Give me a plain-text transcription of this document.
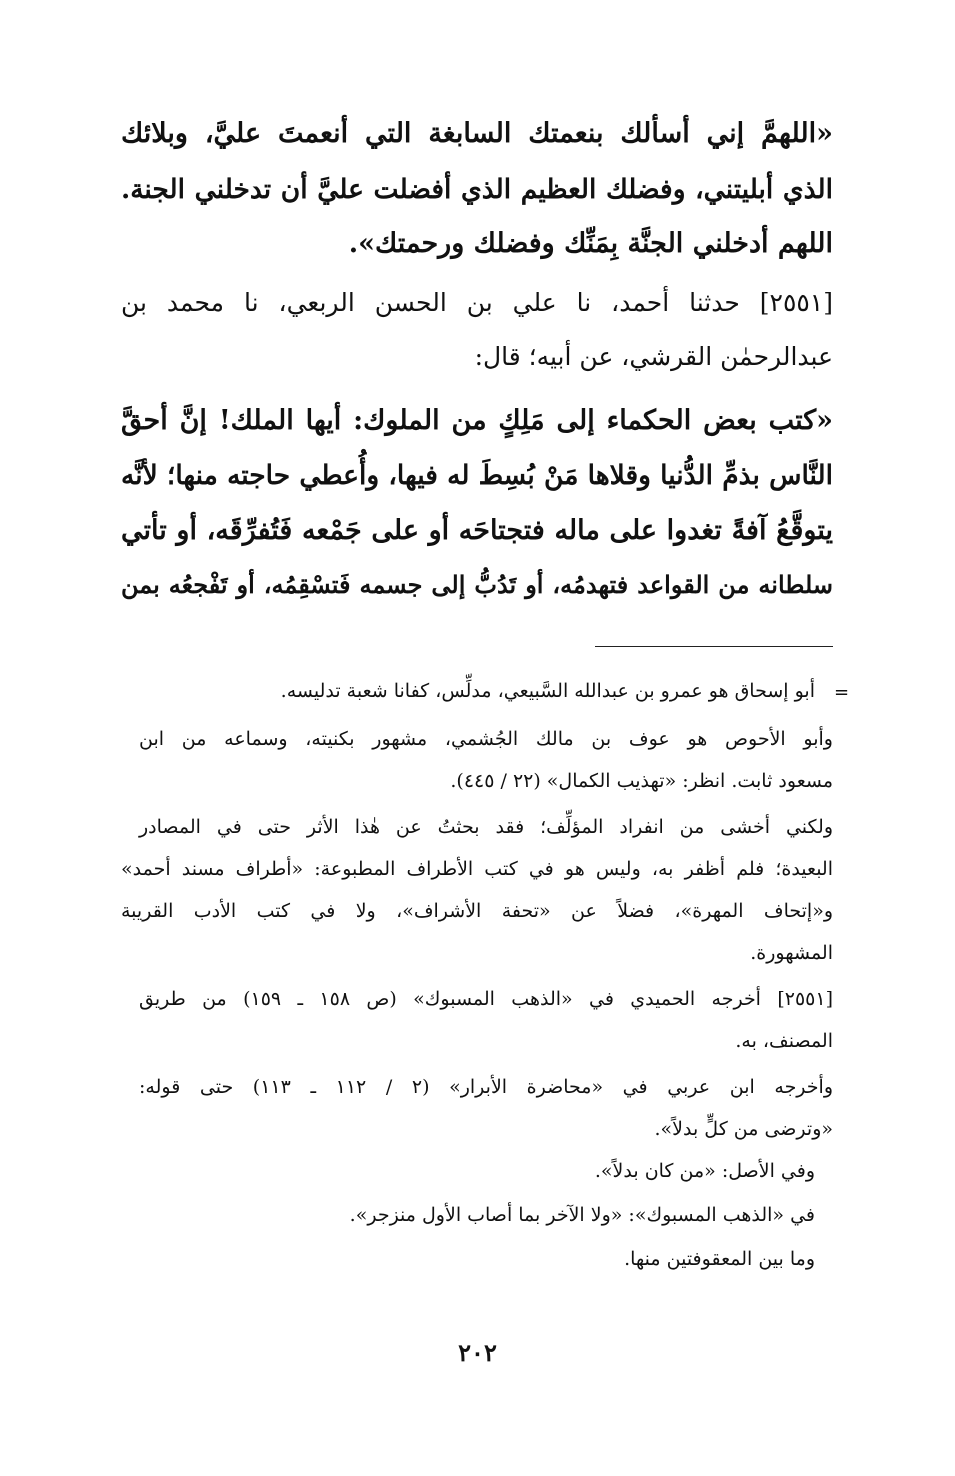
«اللهمَّ إني أسألك بنعمتك السابغة التي أنعمتَ عليَّ، وبلائك
الذي أبليتني، وفضلك العظيم الذي أفضلت عليَّ أن تدخلني الجنة.
اللهم أدخلني الجنَّة بِمَنِّك وفضلك ورحمتك».
[٢٥٥١] حدثنا أحمد، نا علي بن الحسن الربعي، نا محمد بن
عبدالرحمٰن القرشي، عن أبيه؛ قال:
«كتب بعض الحكماء إلى مَلِكٍ من الملوك: أيها الملك! إنَّ أحقَّ
النَّاس بذمِّ الدُّنيا وقلاها مَنْ بُسِطَ له فيها، وأُعطي حاجته منها؛ لأنَّه
يتوقَّعُ آفةً تغدوا على ماله فتجتاحَه أو على جَمْعه فَتُفرِّقَه، أو تأتي
سلطانه من القواعد فتهدمُه، أو تَدُبُّ إلى جسمه فَتسْقِمُه، أو تَفْجعُه بمن
=
أبو إسحاق هو عمرو بن عبدالله السَّبيعي، مدلِّس، كفانا شعبة تدليسه.
وأبو الأحوص هو عوف بن مالك الجُشمي، مشهور بكنيته، وسماعه من ابن
مسعود ثابت. انظر: «تهذيب الكمال» (٢٢ / ٤٤٥).
ولكني أخشى من انفراد المؤلِّف؛ فقد بحثتُ عن هٰذا الأثر حتى في المصادر
البعيدة؛ فلم أظفر به، وليس هو في كتب الأطراف المطبوعة: «أطراف مسند أحمد»
و«إتحاف المهرة»، فضلاً عن «تحفة الأشراف»، ولا في كتب الأدب القريبة
المشهورة.
[٢٥٥١] أخرجه الحميدي في «الذهب المسبوك» (ص ١٥٨ ـ ١٥٩) من طريق
المصنف، به.
وأخرجه ابن عربي في «محاضرة الأبرار» (٢ / ١١٢ ـ ١١٣) حتى قوله:
«وترضى من كلٍّ بدلاً».
وفي الأصل: «من كان بدلاً».
في «الذهب المسبوك»: «ولا الآخر بما أصاب الأول منزجر».
وما بين المعقوفتين منها.
٢٠٢
